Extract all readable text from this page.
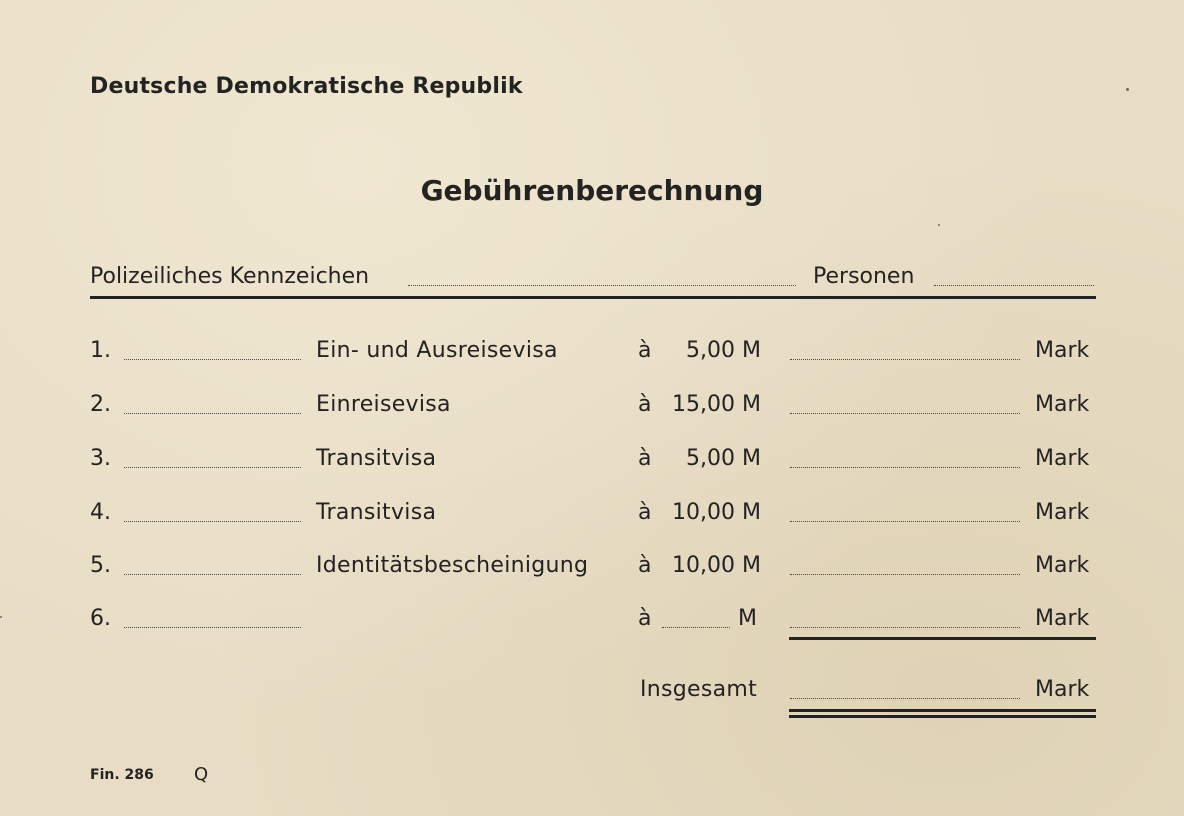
Deutsche Demokratische Republik
Gebührenberechnung
Polizeiliches Kennzeichen	Personen
1.	Ein- und Ausreisevisa	à	5,00 M	Mark
2.	Einreisevisa	à 15,00 M	Mark
3.	Transitvisa	à	5,00 M	Mark
4.	Transitvisa	à 10,00 M	Mark
5.	Identitätsbescheinigung à 10,00 M	Mark
6.	à	M	Mark
Insgesamt	Mark
Fin. 286 Q
